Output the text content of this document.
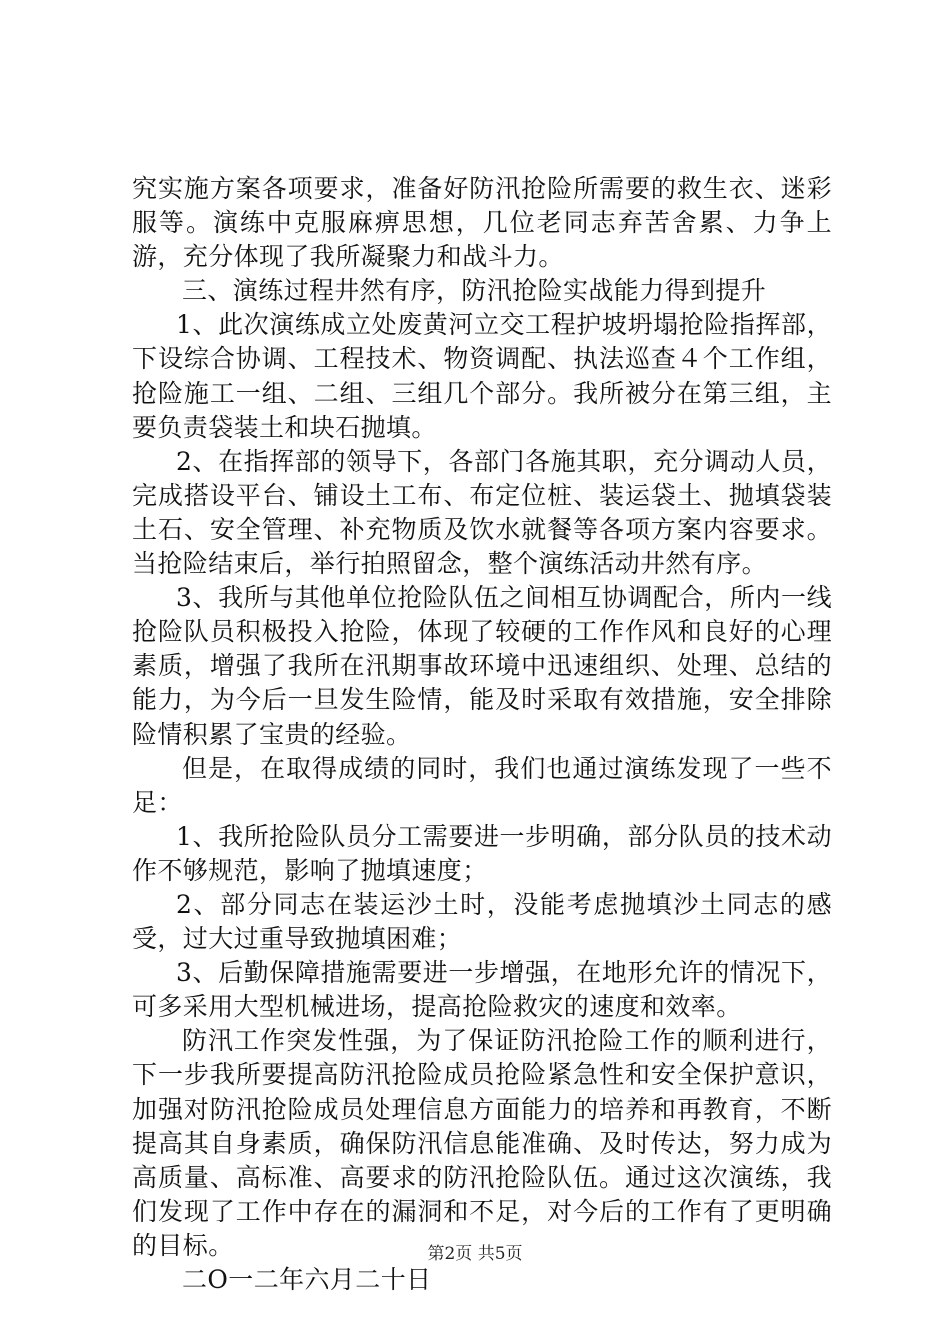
究实施方案各项要求，准备好防汛抢险所需要的救生衣、迷彩服等。演练中克服麻痹思想，几位老同志弃苦舍累、力争上游，充分体现了我所凝聚力和战斗力。

三、演练过程井然有序，防汛抢险实战能力得到提升

1、此次演练成立处废黄河立交工程护坡坍塌抢险指挥部，下设综合协调、工程技术、物资调配、执法巡查４个工作组，抢险施工一组、二组、三组几个部分。我所被分在第三组，主要负责袋装土和块石抛填。

2、在指挥部的领导下，各部门各施其职，充分调动人员，完成搭设平台、铺设土工布、布定位桩、装运袋土、抛填袋装土石、安全管理、补充物质及饮水就餐等各项方案内容要求。当抢险结束后，举行拍照留念，整个演练活动井然有序。

3、我所与其他单位抢险队伍之间相互协调配合，所内一线抢险队员积极投入抢险，体现了较硬的工作作风和良好的心理素质，增强了我所在汛期事故环境中迅速组织、处理、总结的能力，为今后一旦发生险情，能及时采取有效措施，安全排除险情积累了宝贵的经验。

但是，在取得成绩的同时，我们也通过演练发现了一些不足：

1、我所抢险队员分工需要进一步明确，部分队员的技术动作不够规范，影响了抛填速度；

2、部分同志在装运沙土时，没能考虑抛填沙土同志的感受，过大过重导致抛填困难；

3、后勤保障措施需要进一步增强，在地形允许的情况下，可多采用大型机械进场，提高抢险救灾的速度和效率。

防汛工作突发性强，为了保证防汛抢险工作的顺利进行，下一步我所要提高防汛抢险成员抢险紧急性和安全保护意识，加强对防汛抢险成员处理信息方面能力的培养和再教育，不断提高其自身素质，确保防汛信息能准确、及时传达，努力成为高质量、高标准、高要求的防汛抢险队伍。通过这次演练，我们发现了工作中存在的漏洞和不足，对今后的工作有了更明确的目标。

二O一二年六月二十日

第2页 共5页
